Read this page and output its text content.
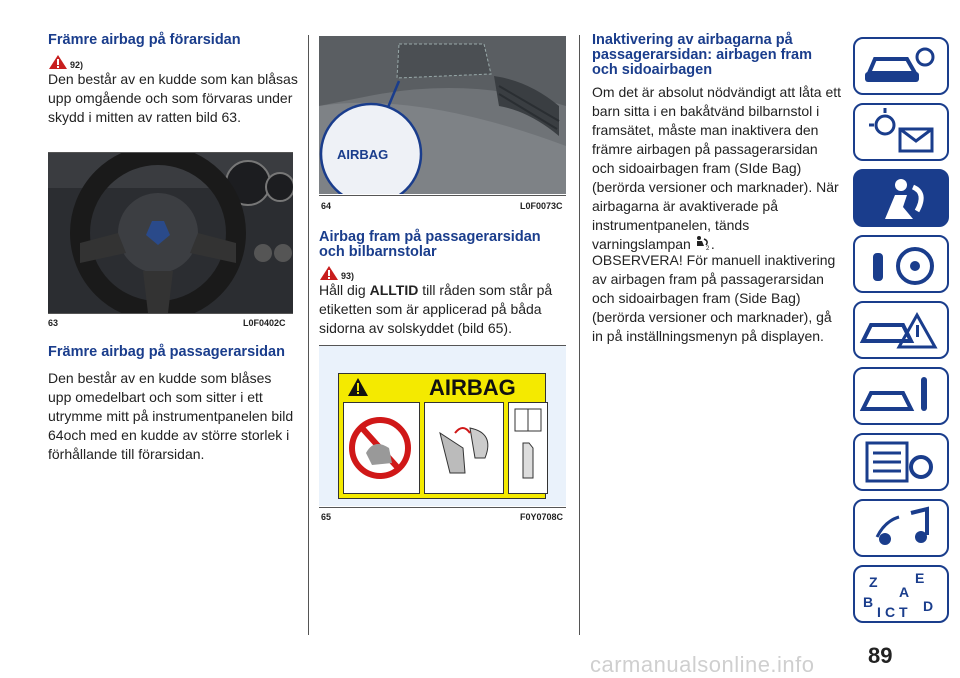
Främre airbag på förarsidan
92)

Den består av en kudde som kan blåsas upp omgående och som förvaras under skydd i mitten av ratten bild 63.

63	L0F0402C
Främre airbag på passagerarsidan

Den består av en kudde som blåses upp omedelbart och som sitter i ett utrymme mitt på instrumentpanelen bild 64och med en kudde av större storlek i förhållande till förarsidan.

AIRBAG
64	L0F0073C
Airbag fram på passagerarsidan och bilbarnstolar
93)

Håll dig ALLTID till råden som står på etiketten som är applicerad på båda sidorna av solskyddet (bild 65).

AIRBAG
65	F0Y0708C
Inaktivering av airbagarna på passagerarsidan: airbagen fram och sidoairbagen

Om det är absolut nödvändigt att låta ett barn sitta i en bakåtvänd bilbarnstol i framsätet, måste man inaktivera den främre airbagen på passagerarsidan och sidoairbagen fram (SIde Bag) (berörda versioner och marknader). När airbagarna är avaktiverade på instrumentpanelen, tänds varningslampan	2 .

OBSERVERA! För manuell inaktivering av airbagen fram på passagerarsidan och sidoairbagen fram (Side Bag) (berörda versioner och marknader), gå in på inställningsmenyn på displayen.

Z	E
A
B	D
I C T
89
carmanualsonline.info
